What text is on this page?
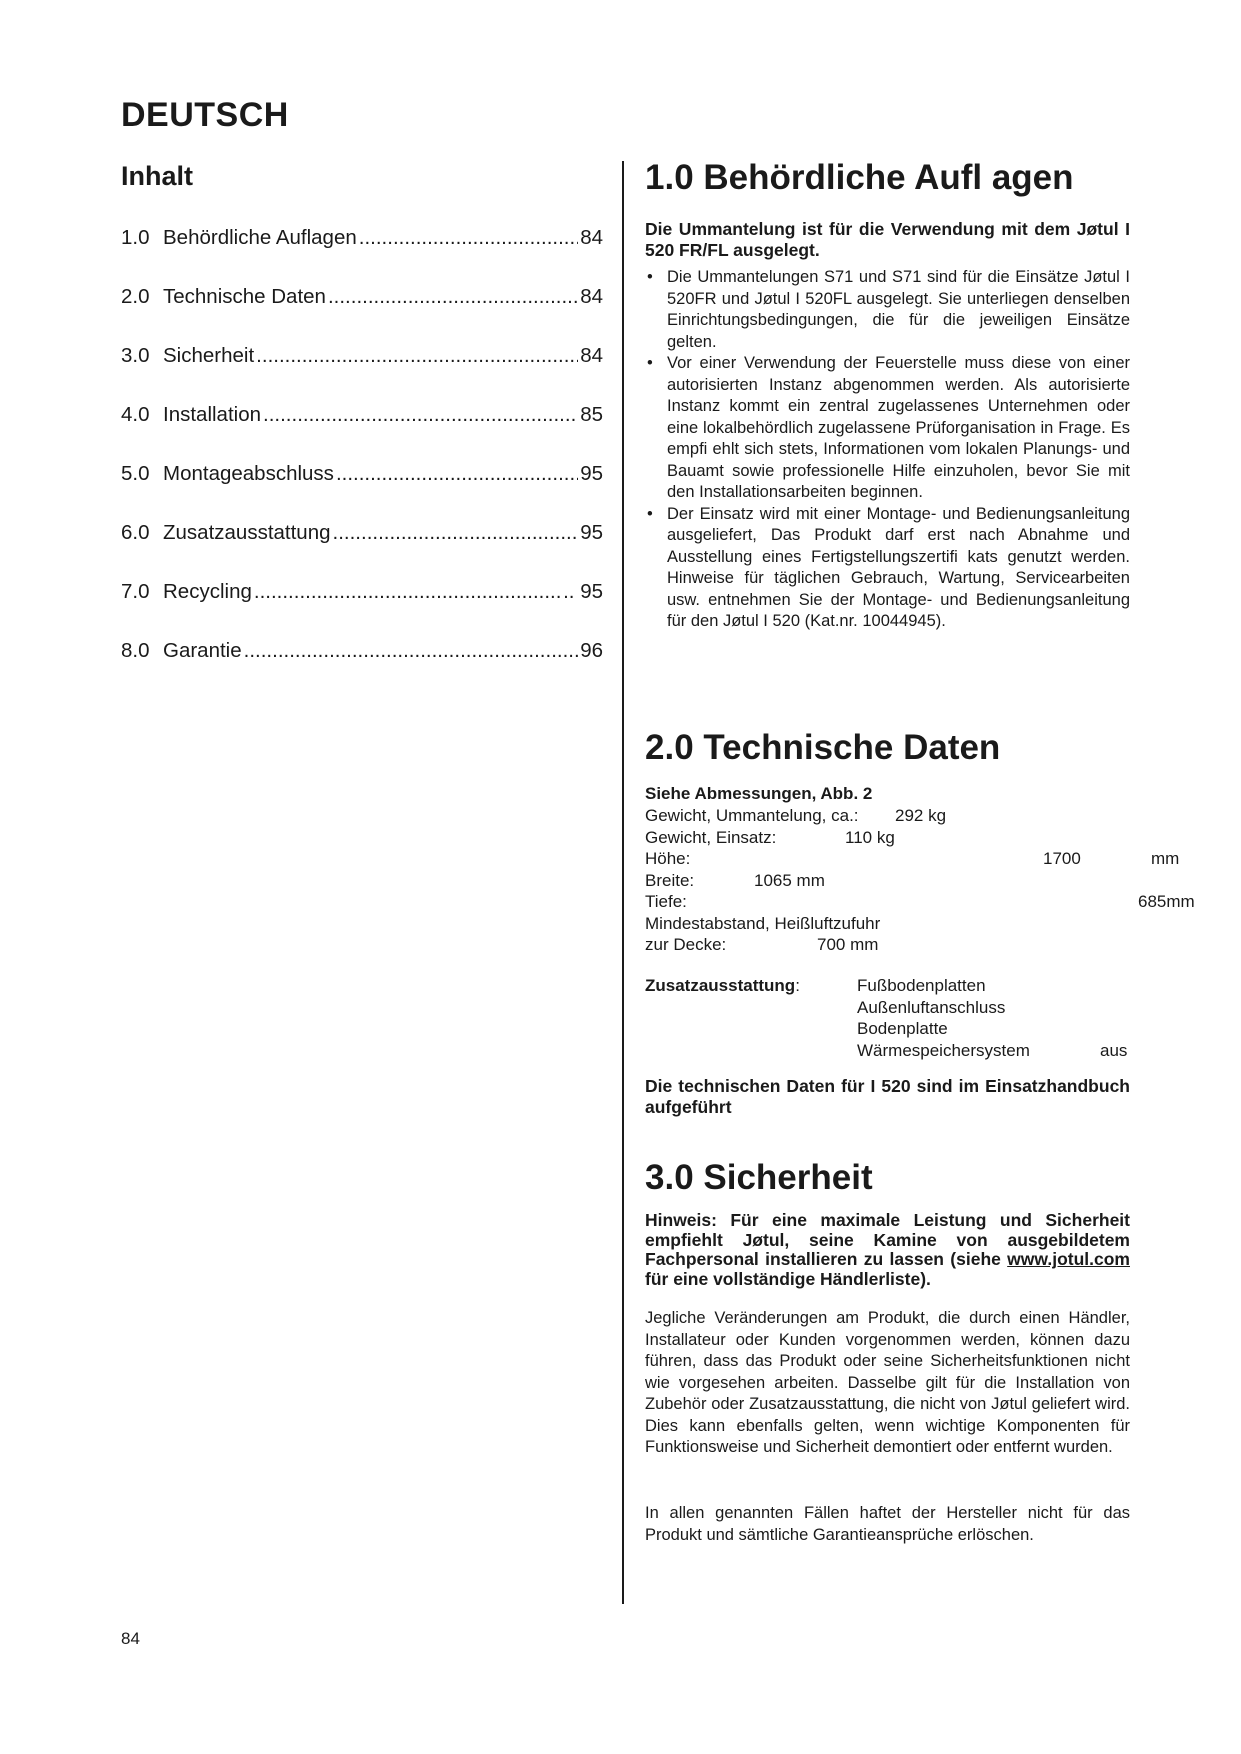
DEUTSCH
Inhalt
1.0 Behördliche Auflagen .....	84
2.0 Technische Daten .....	84
3.0 Sicherheit .....	84
4.0 Installation .....	85
5.0 Montageabschluss .....	95
6.0 Zusatzausstattung .....	95
7.0 Recycling .....	.. 95
8.0 Garantie .....	96
1.0 Behördliche Aufl agen
Die Ummantelung ist für die Verwendung mit dem Jøtul I 520 FR/FL ausgelegt.
• Die Ummantelungen S71 und S71 sind für die Einsätze Jøtul I 520FR und Jøtul I 520FL ausgelegt. Sie unterliegen denselben Einrichtungsbedingungen, die für die jeweiligen Einsätze gelten.
• Vor einer Verwendung der Feuerstelle muss diese von einer autorisierten Instanz abgenommen werden. Als autorisierte Instanz kommt ein zentral zugelassenes Unternehmen oder eine lokalbehördlich zugelassene Prüforganisation in Frage. Es empfi ehlt sich stets, Informationen vom lokalen Planungs- und Bauamt sowie professionelle Hilfe einzuholen, bevor Sie mit den Installationsarbeiten beginnen.
• Der Einsatz wird mit einer Montage- und Bedienungsanleitung ausgeliefert, Das Produkt darf erst nach Abnahme und Ausstellung eines Fertigstellungszertifi kats genutzt werden. Hinweise für täglichen Gebrauch, Wartung, Servicearbeiten usw. entnehmen Sie der Montage- und Bedienungsanleitung für den Jøtul I 520 (Kat.nr. 10044945).
2.0 Technische Daten
Siehe Abmessungen, Abb. 2
Gewicht, Ummantelung, ca.: 292 kg
Gewicht, Einsatz:	110 kg
Höhe:	1700	mm
Breite:	1065 mm
Tiefe:	685mm
Mindestabstand, Heißluftzufuhr
zur Decke:	700 mm
Zusatzausstattung:	Fußbodenplatten
Außenluftanschluss
Bodenplatte
Wärmespeichersystem	aus
Die technischen Daten für I 520 sind im Einsatzhandbuch aufgeführt
3.0 Sicherheit
Hinweis: Für eine maximale Leistung und Sicherheit empfiehlt Jøtul, seine Kamine von ausgebildetem Fachpersonal installieren zu lassen (siehe www.jotul.com für eine vollständige Händlerliste).
Jegliche Veränderungen am Produkt, die durch einen Händler, Installateur oder Kunden vorgenommen werden, können dazu führen, dass das Produkt oder seine Sicherheitsfunktionen nicht wie vorgesehen arbeiten. Dasselbe gilt für die Installation von Zubehör oder Zusatzausstattung, die nicht von Jøtul geliefert wird. Dies kann ebenfalls gelten, wenn wichtige Komponenten für Funktionsweise und Sicherheit demontiert oder entfernt wurden.
In allen genannten Fällen haftet der Hersteller nicht für das Produkt und sämtliche Garantieansprüche erlöschen.
84
